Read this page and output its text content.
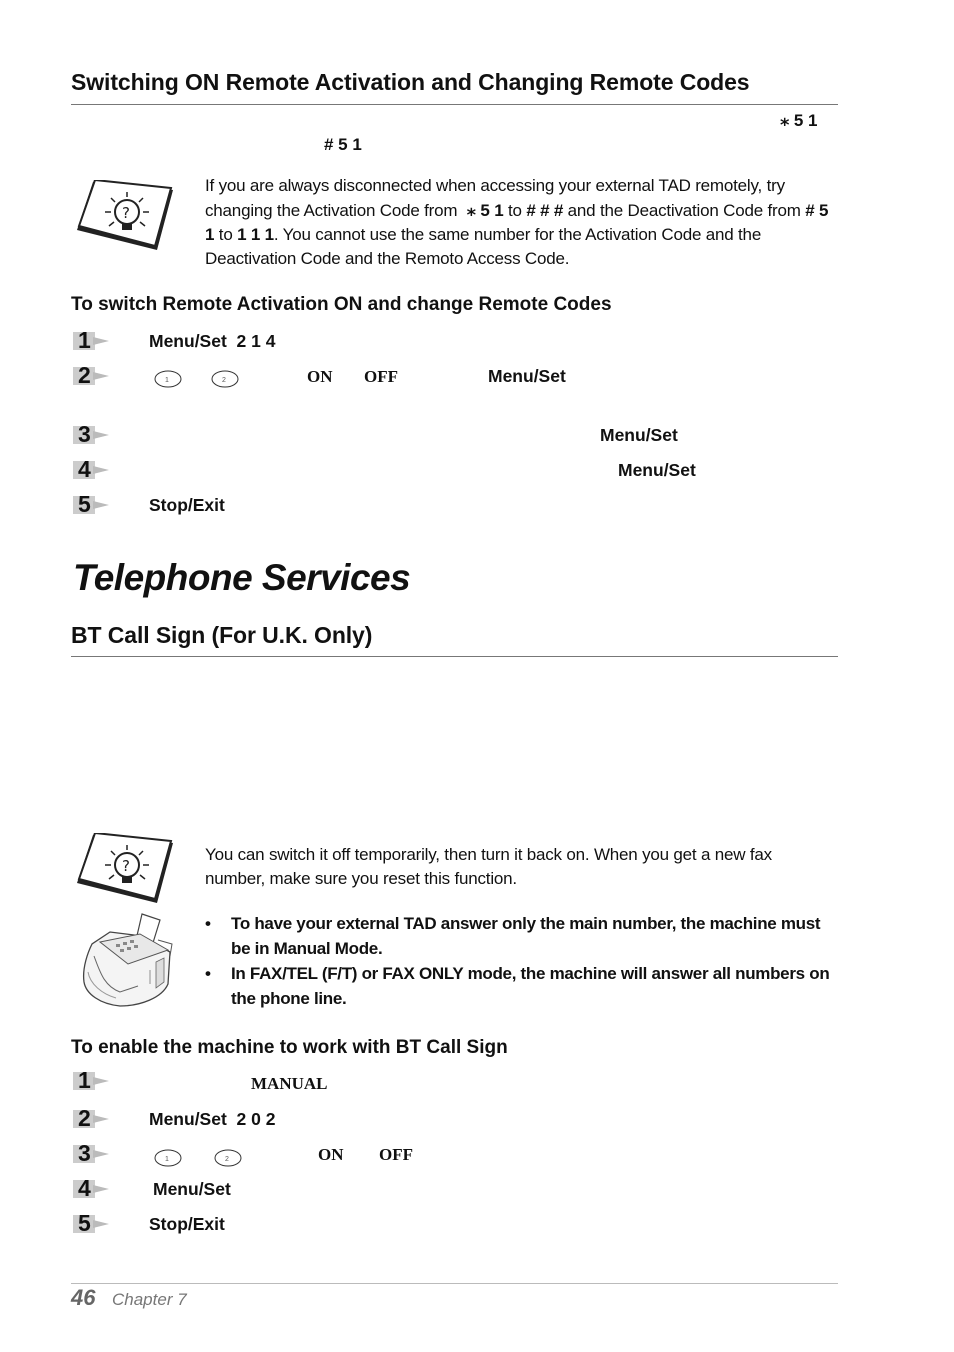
Switching ON Remote Activation and Changing Remote Codes
⁎ 5 1
# 5 1
?
If you are always disconnected when accessing your external TAD remotely, try changing the Activation Code from  ⁎ 5 1 to # # # and the Deactivation Code from # 5 1 to 1 1 1. You cannot use the same number for the Activation Code and the Deactivation Code and the Remoto Access Code.
To switch Remote Activation ON and change Remote Codes
1	Menu/Set 2 1 4
2	1	2	ON OFF	Menu/Set
3	Menu/Set
4	Menu/Set
5	Stop/Exit
Telephone Services
BT Call Sign (For U.K. Only)
?
You can switch it off temporarily, then turn it back on. When you get a new fax number, make sure you reset this function.
• To have your external TAD answer only the main number, the machine must be in Manual Mode.
• In FAX/TEL (F/T) or FAX ONLY mode, the machine will answer all numbers on the phone line.
To enable the machine to work with BT Call Sign
1	MANUAL
2	Menu/Set 2 0 2
3	1	2	ON OFF
4	Menu/Set
5	Stop/Exit
46 Chapter 7
